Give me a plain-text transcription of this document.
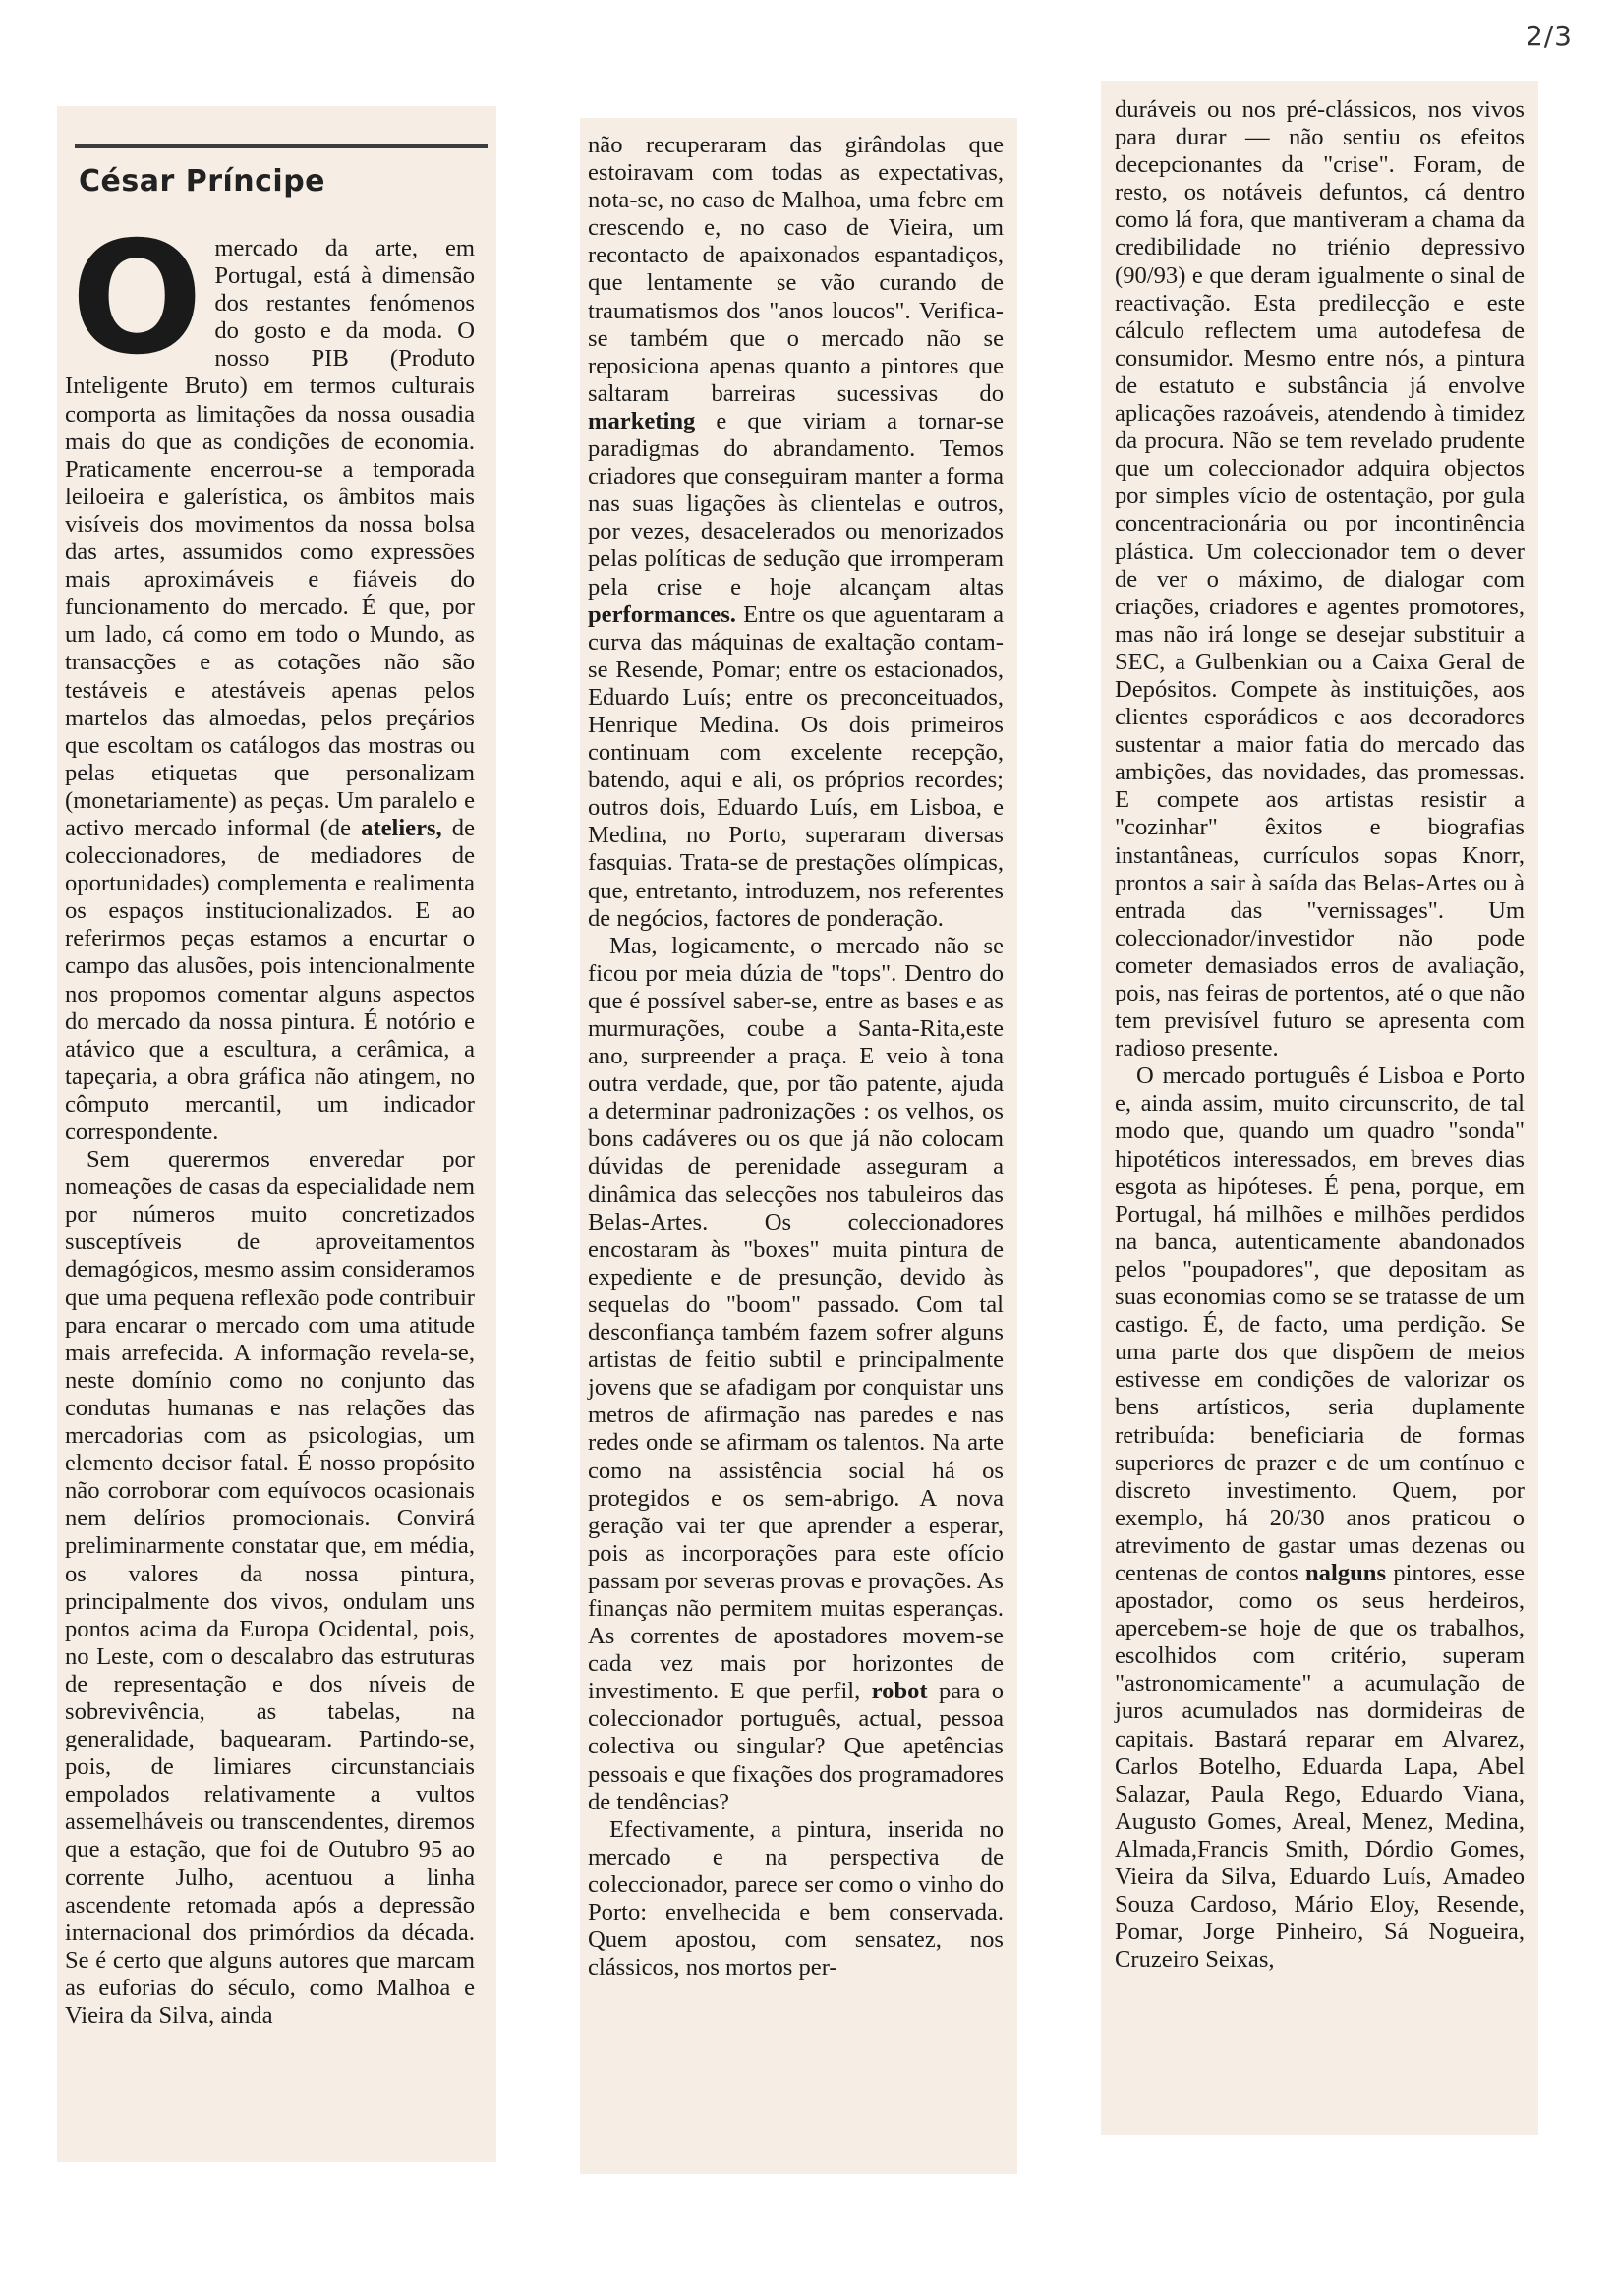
2/3
César Príncipe

Omercado da arte, em Portugal, está à dimensão dos restantes fenómenos do gosto e da moda. O nosso PIB (Produto Inteligente Bruto) em termos culturais comporta as limitações da nossa ousadia mais do que as condições de economia. Praticamente encerrou-se a temporada leiloeira e galerística, os âmbitos mais visíveis dos movimentos da nossa bolsa das artes, assumidos como expressões mais aproximáveis e fiáveis do funcionamento do mercado. É que, por um lado, cá como em todo o Mundo, as transacções e as cotações não são testáveis e atestáveis apenas pelos martelos das almoedas, pelos preçários que escoltam os catálogos das mostras ou pelas etiquetas que personalizam (monetariamente) as peças. Um paralelo e activo mercado informal (de ateliers, de coleccionadores, de mediadores de oportunidades) complementa e realimenta os espaços institucionalizados. E ao referirmos peças estamos a encurtar o campo das alusões, pois intencionalmente nos propomos comentar alguns aspectos do mercado da nossa pintura. É notório e atávico que a escultura, a cerâmica, a tapeçaria, a obra gráfica não atingem, no cômputo mercantil, um indicador correspondente.

Sem querermos enveredar por nomeações de casas da especialidade nem por números muito concretizados susceptíveis de aproveitamentos demagógicos, mesmo assim consideramos que uma pequena reflexão pode contribuir para encarar o mercado com uma atitude mais arrefecida. A informação revela-se, neste domínio como no conjunto das condutas humanas e nas relações das mercadorias com as psicologias, um elemento decisor fatal. É nosso propósito não corroborar com equívocos ocasionais nem delírios promocionais. Convirá preliminarmente constatar que, em média, os valores da nossa pintura, principalmente dos vivos, ondulam uns pontos acima da Europa Ocidental, pois, no Leste, com o descalabro das estruturas de representação e dos níveis de sobrevivência, as tabelas, na generalidade, baquearam. Partindo-se, pois, de limiares circunstanciais empolados relativamente a vultos assemelháveis ou transcendentes, diremos que a estação, que foi de Outubro 95 ao corrente Julho, acentuou a linha ascendente retomada após a depressão internacional dos primórdios da década. Se é certo que alguns autores que marcam as euforias do século, como Malhoa e Vieira da Silva, ainda

não recuperaram das girândolas que estoiravam com todas as expectativas, nota-se, no caso de Malhoa, uma febre em crescendo e, no caso de Vieira, um recontacto de apaixonados espantadiços, que lentamente se vão curando de traumatismos dos "anos loucos". Verifica-se também que o mercado não se reposiciona apenas quanto a pintores que saltaram barreiras sucessivas do marketing e que viriam a tornar-se paradigmas do abrandamento. Temos criadores que conseguiram manter a forma nas suas ligações às clientelas e outros, por vezes, desacelerados ou menorizados pelas políticas de sedução que irromperam pela crise e hoje alcançam altas performances. Entre os que aguentaram a curva das máquinas de exaltação contam-se Resende, Pomar; entre os estacionados, Eduardo Luís; entre os preconceituados, Henrique Medina. Os dois primeiros continuam com excelente recepção, batendo, aqui e ali, os próprios recordes; outros dois, Eduardo Luís, em Lisboa, e Medina, no Porto, superaram diversas fasquias. Trata-se de prestações olímpicas, que, entretanto, introduzem, nos referentes de negócios, factores de ponderação.

Mas, logicamente, o mercado não se ficou por meia dúzia de "tops". Dentro do que é possível saber-se, entre as bases e as murmurações, coube a Santa-Rita,este ano, surpreender a praça. E veio à tona outra verdade, que, por tão patente, ajuda a determinar padronizações : os velhos, os bons cadáveres ou os que já não colocam dúvidas de perenidade asseguram a dinâmica das selecções nos tabuleiros das Belas-Artes. Os coleccionadores encostaram às "boxes" muita pintura de expediente e de presunção, devido às sequelas do "boom" passado. Com tal desconfiança também fazem sofrer alguns artistas de feitio subtil e principalmente jovens que se afadigam por conquistar uns metros de afirmação nas paredes e nas redes onde se afirmam os talentos. Na arte como na assistência social há os protegidos e os sem-abrigo. A nova geração vai ter que aprender a esperar, pois as incorporações para este ofício passam por severas provas e provações. As finanças não permitem muitas esperanças. As correntes de apostadores movem-se cada vez mais por horizontes de investimento. E que perfil, robot para o coleccionador português, actual, pessoa colectiva ou singular? Que apetências pessoais e que fixações dos programadores de tendências?

Efectivamente, a pintura, inserida no mercado e na perspectiva de coleccionador, parece ser como o vinho do Porto: envelhecida e bem conservada. Quem apostou, com sensatez, nos clássicos, nos mortos per-

duráveis ou nos pré-clássicos, nos vivos para durar — não sentiu os efeitos decepcionantes da "crise". Foram, de resto, os notáveis defuntos, cá dentro como lá fora, que mantiveram a chama da credibilidade no triénio depressivo (90/93) e que deram igualmente o sinal de reactivação. Esta predilecção e este cálculo reflectem uma autodefesa de consumidor. Mesmo entre nós, a pintura de estatuto e substância já envolve aplicações razoáveis, atendendo à timidez da procura. Não se tem revelado prudente que um coleccionador adquira objectos por simples vício de ostentação, por gula concentracionária ou por incontinência plástica. Um coleccionador tem o dever de ver o máximo, de dialogar com criações, criadores e agentes promotores, mas não irá longe se desejar substituir a SEC, a Gulbenkian ou a Caixa Geral de Depósitos. Compete às instituições, aos clientes esporádicos e aos decoradores sustentar a maior fatia do mercado das ambições, das novidades, das promessas. E compete aos artistas resistir a "cozinhar" êxitos e biografias instantâneas, currículos sopas Knorr, prontos a sair à saída das Belas-Artes ou à entrada das "vernissages". Um coleccionador/investidor não pode cometer demasiados erros de avaliação, pois, nas feiras de portentos, até o que não tem previsível futuro se apresenta com radioso presente.

O mercado português é Lisboa e Porto e, ainda assim, muito circunscrito, de tal modo que, quando um quadro "sonda" hipotéticos interessados, em breves dias esgota as hipóteses. É pena, porque, em Portugal, há milhões e milhões perdidos na banca, autenticamente abandonados pelos "poupadores", que depositam as suas economias como se se tratasse de um castigo. É, de facto, uma perdição. Se uma parte dos que dispõem de meios estivesse em condições de valorizar os bens artísticos, seria duplamente retribuída: beneficiaria de formas superiores de prazer e de um contínuo e discreto investimento. Quem, por exemplo, há 20/30 anos praticou o atrevimento de gastar umas dezenas ou centenas de contos nalguns pintores, esse apostador, como os seus herdeiros, apercebem-se hoje de que os trabalhos, escolhidos com critério, superam "astronomicamente" a acumulação de juros acumulados nas dormideiras de capitais. Bastará reparar em Alvarez, Carlos Botelho, Eduarda Lapa, Abel Salazar, Paula Rego, Eduardo Viana, Augusto Gomes, Areal, Menez, Medina, Almada,Francis Smith, Dórdio Gomes, Vieira da Silva, Eduardo Luís, Amadeo Souza Cardoso, Mário Eloy, Resende, Pomar, Jorge Pinheiro, Sá Nogueira, Cruzeiro Seixas,
